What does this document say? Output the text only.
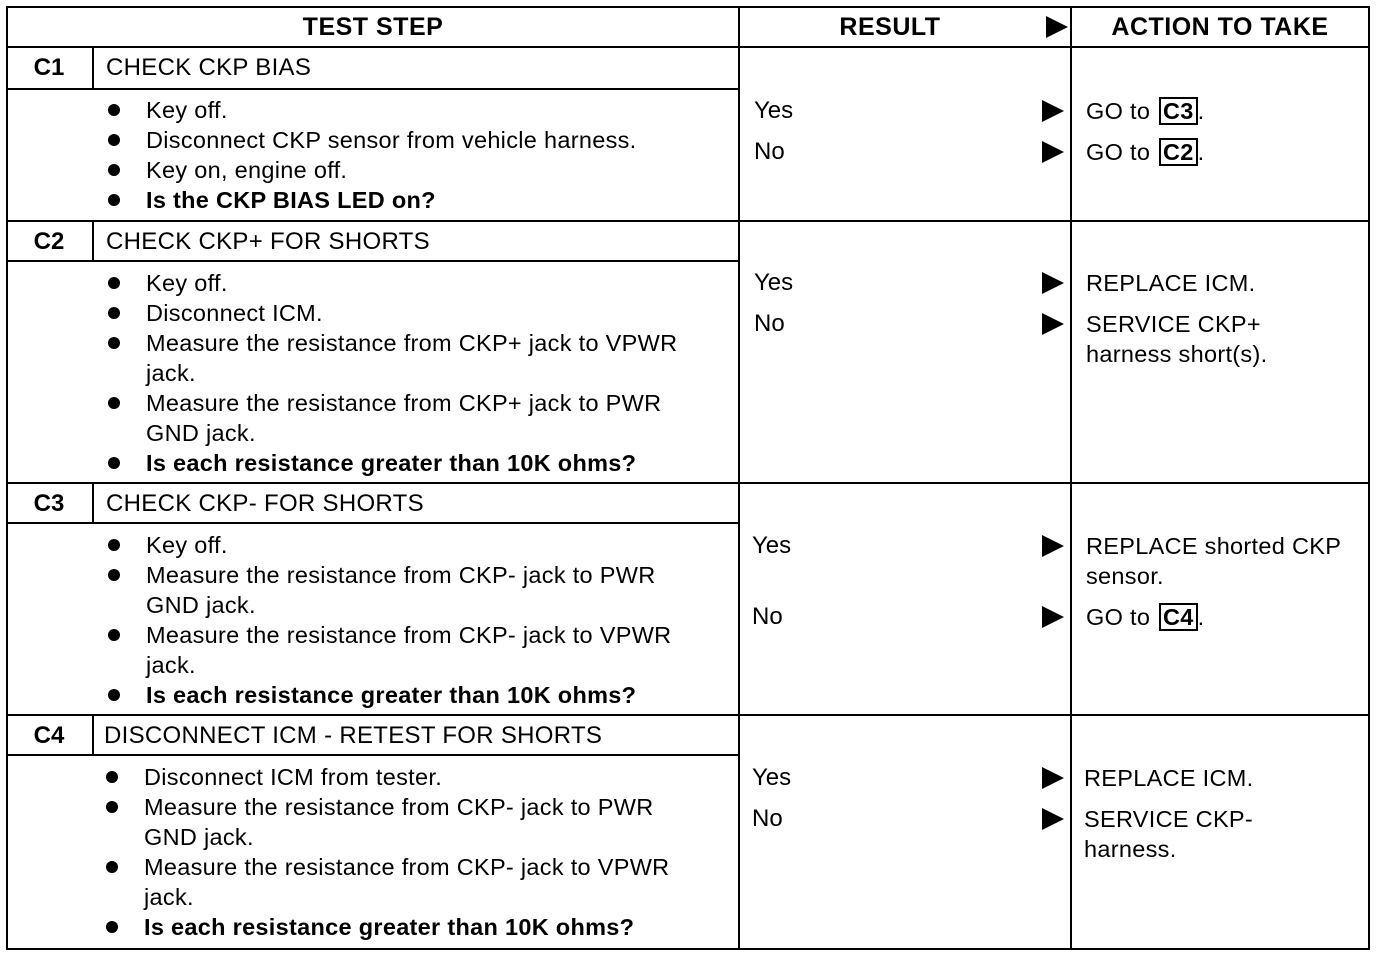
TEST STEP	RESULT	ACTION TO TAKE
C1	CHECK CKP BIAS
Key off.
Disconnect CKP sensor from vehicle harness.
Key on, engine off.
Is the CKP BIAS LED on?
Yes	GO to C3 .
No	GO to C2 .
C2	CHECK CKP+ FOR SHORTS
Key off.
Disconnect ICM.
Measure the resistance from CKP+ jack to VPWR jack.
Measure the resistance from CKP+ jack to PWR GND jack.
Is each resistance greater than 10K ohms?
Yes	REPLACE ICM.
No	SERVICE CKP+ harness short(s).
C3	CHECK CKP- FOR SHORTS
Key off.
Measure the resistance from CKP- jack to PWR GND jack.
Measure the resistance from CKP- jack to VPWR jack.
Is each resistance greater than 10K ohms?
Yes	REPLACE shorted CKP sensor.
No	GO to C4 .
C4	DISCONNECT ICM - RETEST FOR SHORTS
Disconnect ICM from tester.
Measure the resistance from CKP- jack to PWR GND jack.
Measure the resistance from CKP- jack to VPWR jack.
Is each resistance greater than 10K ohms?
Yes	REPLACE ICM.
No	SERVICE CKP- harness.
